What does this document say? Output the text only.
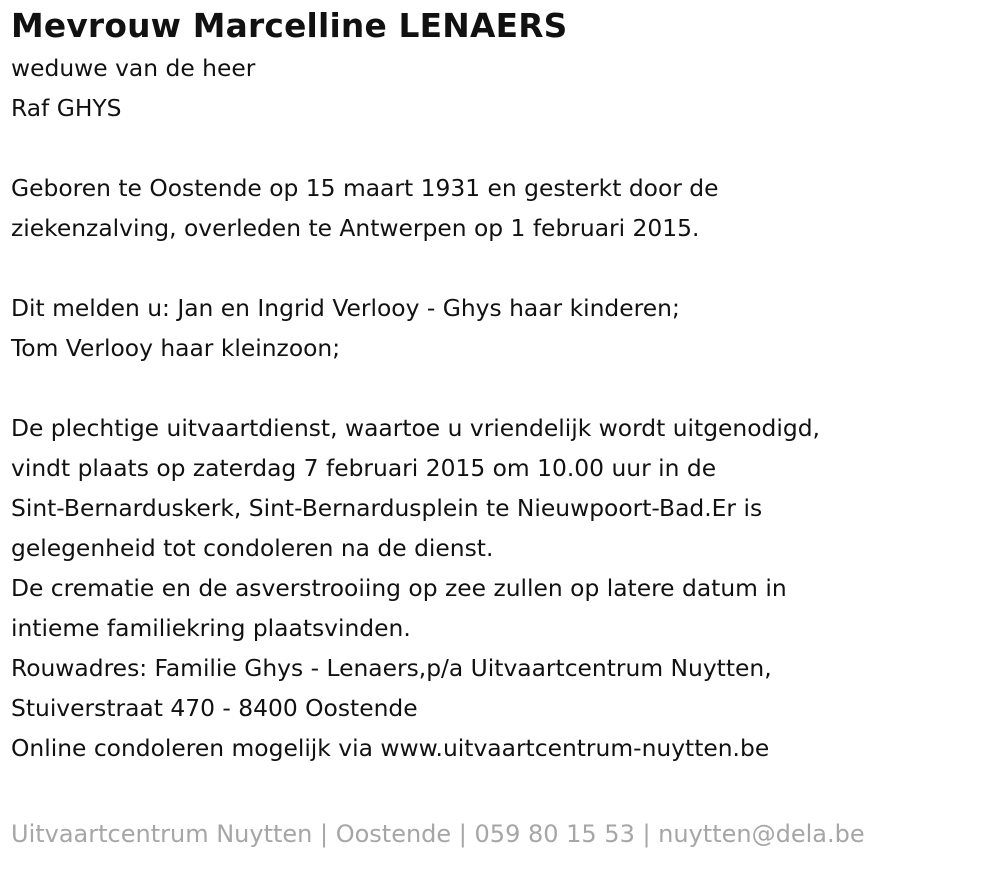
Mevrouw Marcelline LENAERS

weduwe van de heer

Raf GHYS

Geboren te Oostende op 15 maart 1931 en gesterkt door de

ziekenzalving, overleden te Antwerpen op 1 februari 2015.

Dit melden u: Jan en Ingrid Verlooy - Ghys haar kinderen;

Tom Verlooy haar kleinzoon;

De plechtige uitvaartdienst, waartoe u vriendelijk wordt uitgenodigd,

vindt plaats op zaterdag 7 februari 2015 om 10.00 uur in de

Sint-Bernarduskerk, Sint-Bernardusplein te Nieuwpoort-Bad.Er is

gelegenheid tot condoleren na de dienst.

De crematie en de asverstrooiing op zee zullen op latere datum in

intieme familiekring plaatsvinden.

Rouwadres: Familie Ghys - Lenaers,p/a Uitvaartcentrum Nuytten,

Stuiverstraat 470 - 8400 Oostende

Online condoleren mogelijk via www.uitvaartcentrum-nuytten.be

Uitvaartcentrum Nuytten | Oostende | 059 80 15 53 | nuytten@dela.be
